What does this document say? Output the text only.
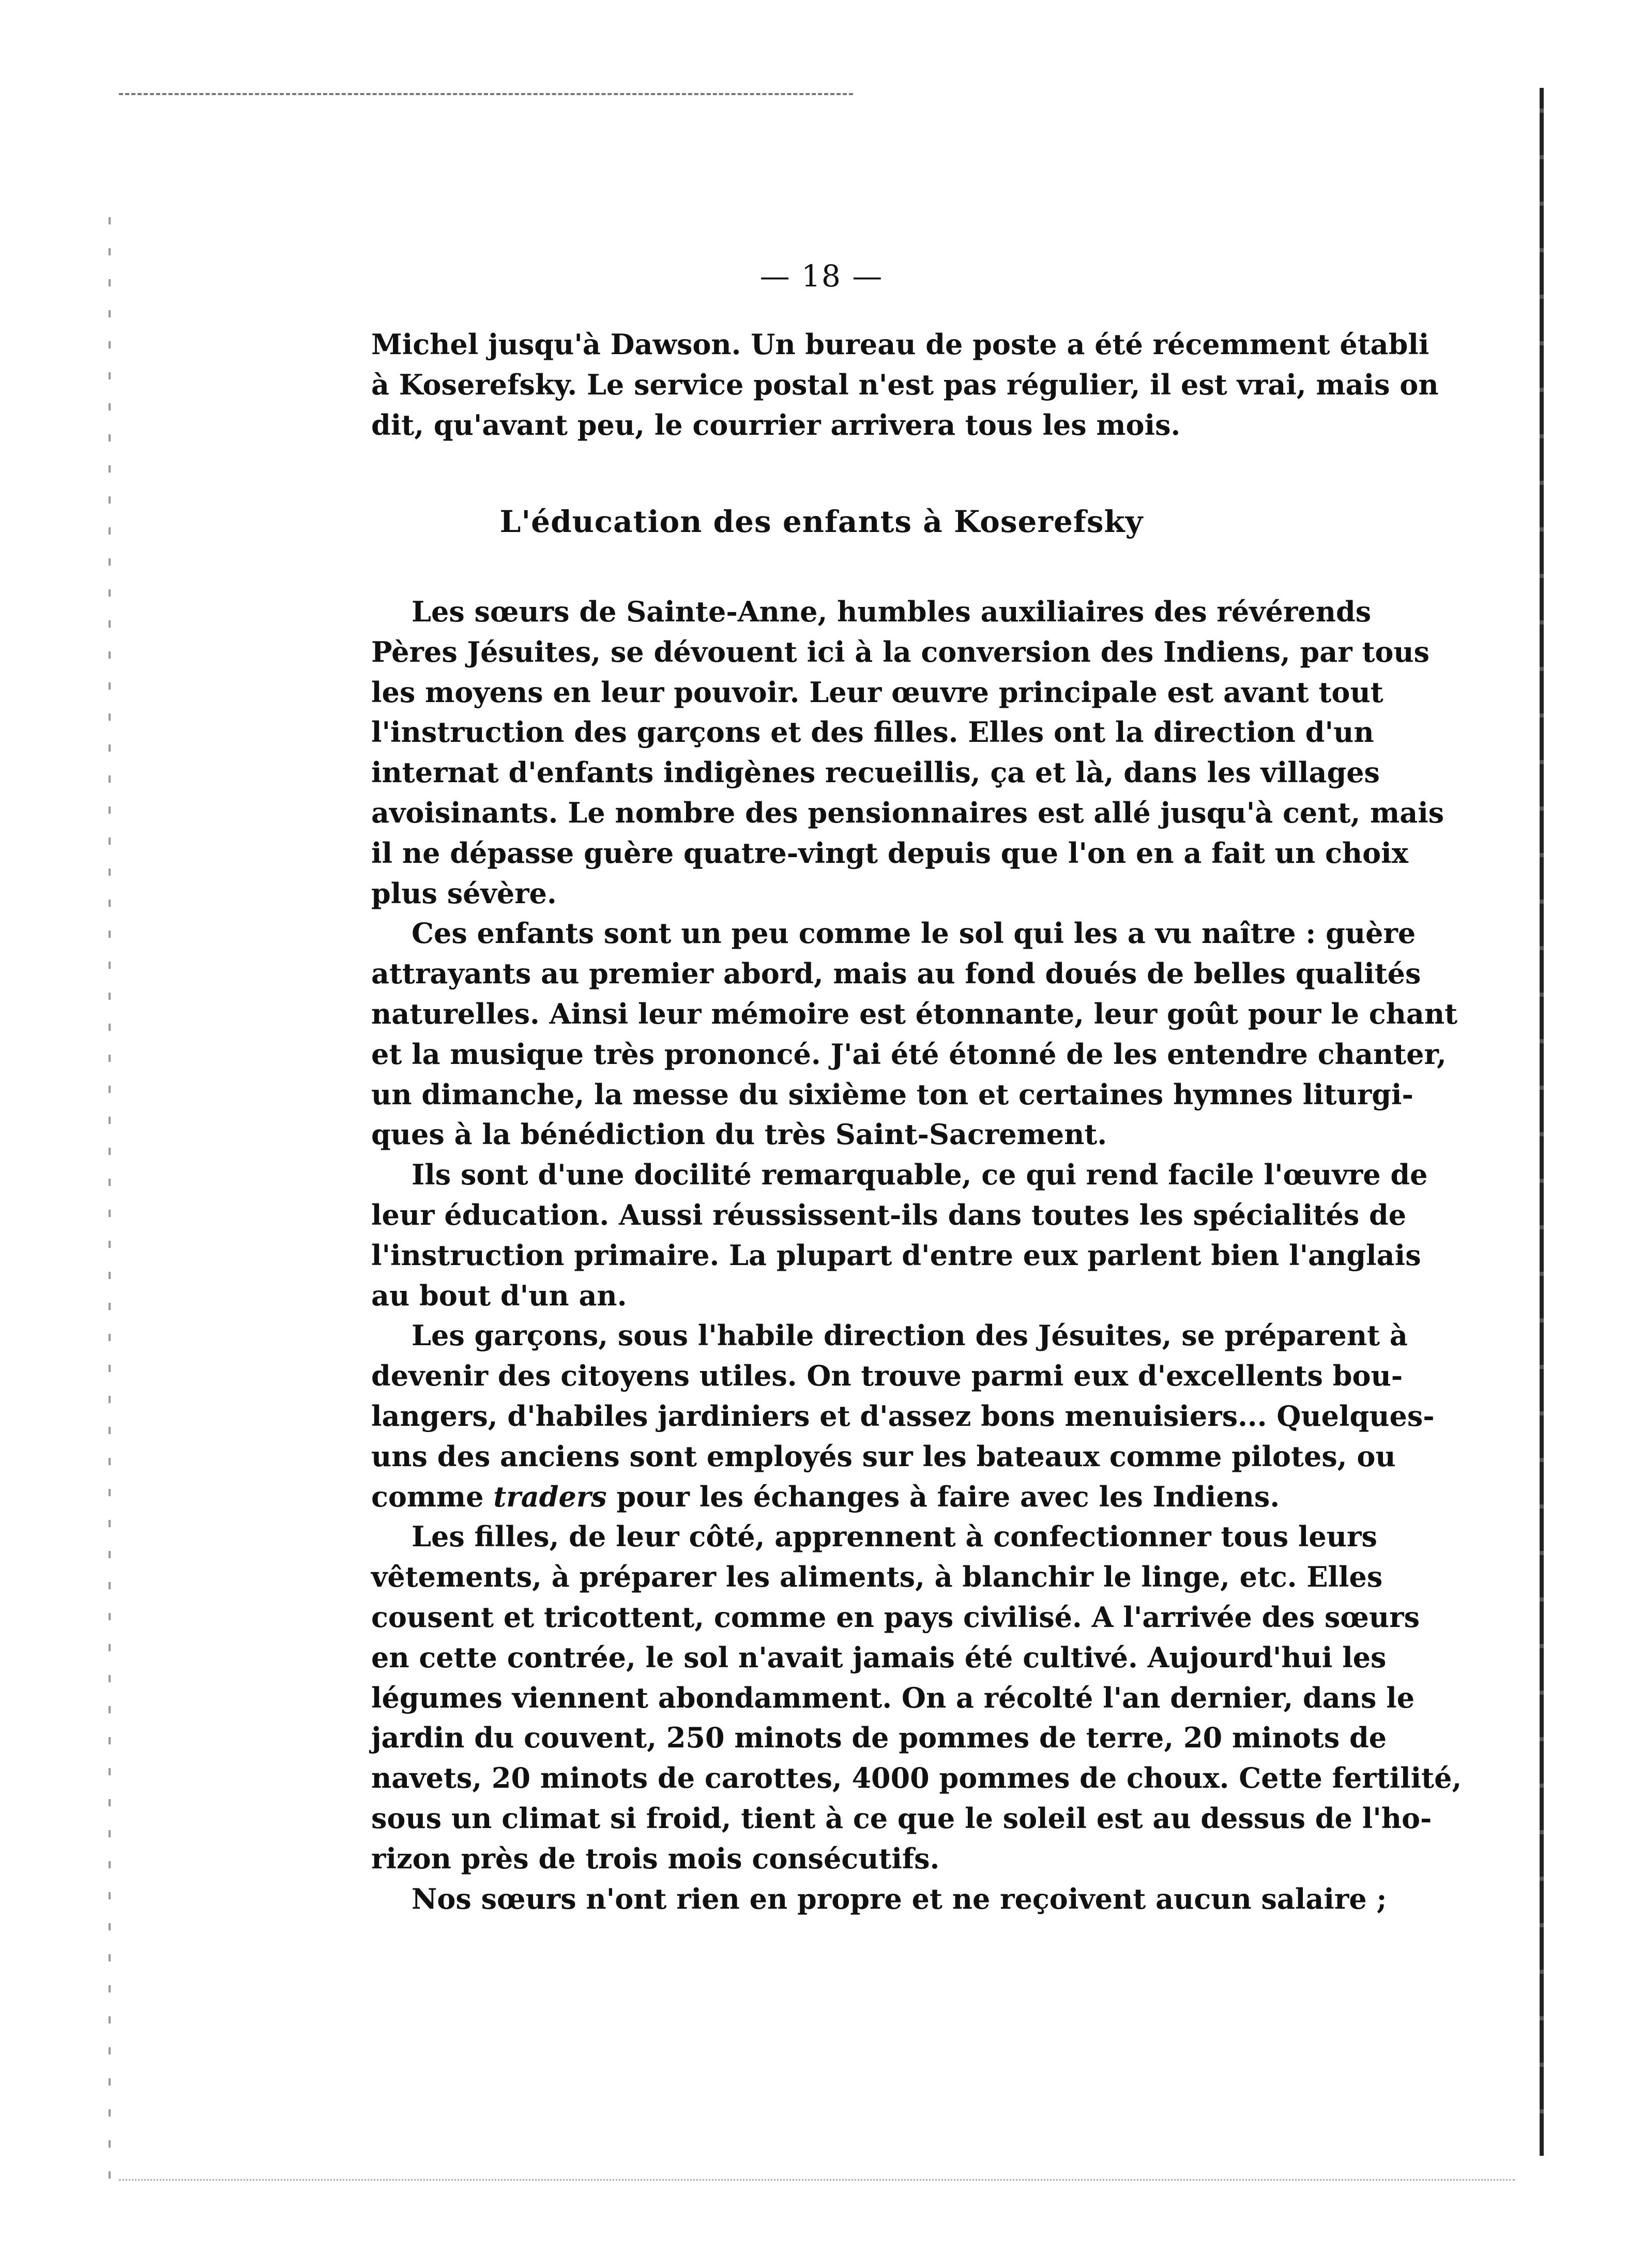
— 18 —
Michel jusqu'à Dawson. Un bureau de poste a été récemment établi
à Koserefsky. Le service postal n'est pas régulier, il est vrai, mais on
dit, qu'avant peu, le courrier arrivera tous les mois.
L'éducation des enfants à Koserefsky
Les sœurs de Sainte-Anne, humbles auxiliaires des révérends
Pères Jésuites, se dévouent ici à la conversion des Indiens, par tous
les moyens en leur pouvoir. Leur œuvre principale est avant tout
l'instruction des garçons et des filles. Elles ont la direction d'un
internat d'enfants indigènes recueillis, ça et là, dans les villages
avoisinants. Le nombre des pensionnaires est allé jusqu'à cent, mais
il ne dépasse guère quatre-vingt depuis que l'on en a fait un choix
plus sévère.
Ces enfants sont un peu comme le sol qui les a vu naître : guère
attrayants au premier abord, mais au fond doués de belles qualités
naturelles. Ainsi leur mémoire est étonnante, leur goût pour le chant
et la musique très prononcé. J'ai été étonné de les entendre chanter,
un dimanche, la messe du sixième ton et certaines hymnes liturgi-
ques à la bénédiction du très Saint-Sacrement.
Ils sont d'une docilité remarquable, ce qui rend facile l'œuvre de
leur éducation. Aussi réussissent-ils dans toutes les spécialités de
l'instruction primaire. La plupart d'entre eux parlent bien l'anglais
au bout d'un an.
Les garçons, sous l'habile direction des Jésuites, se préparent à
devenir des citoyens utiles. On trouve parmi eux d'excellents bou-
langers, d'habiles jardiniers et d'assez bons menuisiers... Quelques-
uns des anciens sont employés sur les bateaux comme pilotes, ou
comme traders pour les échanges à faire avec les Indiens.
Les filles, de leur côté, apprennent à confectionner tous leurs
vêtements, à préparer les aliments, à blanchir le linge, etc. Elles
cousent et tricottent, comme en pays civilisé. A l'arrivée des sœurs
en cette contrée, le sol n'avait jamais été cultivé. Aujourd'hui les
légumes viennent abondamment. On a récolté l'an dernier, dans le
jardin du couvent, 250 minots de pommes de terre, 20 minots de
navets, 20 minots de carottes, 4000 pommes de choux. Cette fertilité,
sous un climat si froid, tient à ce que le soleil est au dessus de l'ho-
rizon près de trois mois consécutifs.
Nos sœurs n'ont rien en propre et ne reçoivent aucun salaire ;
